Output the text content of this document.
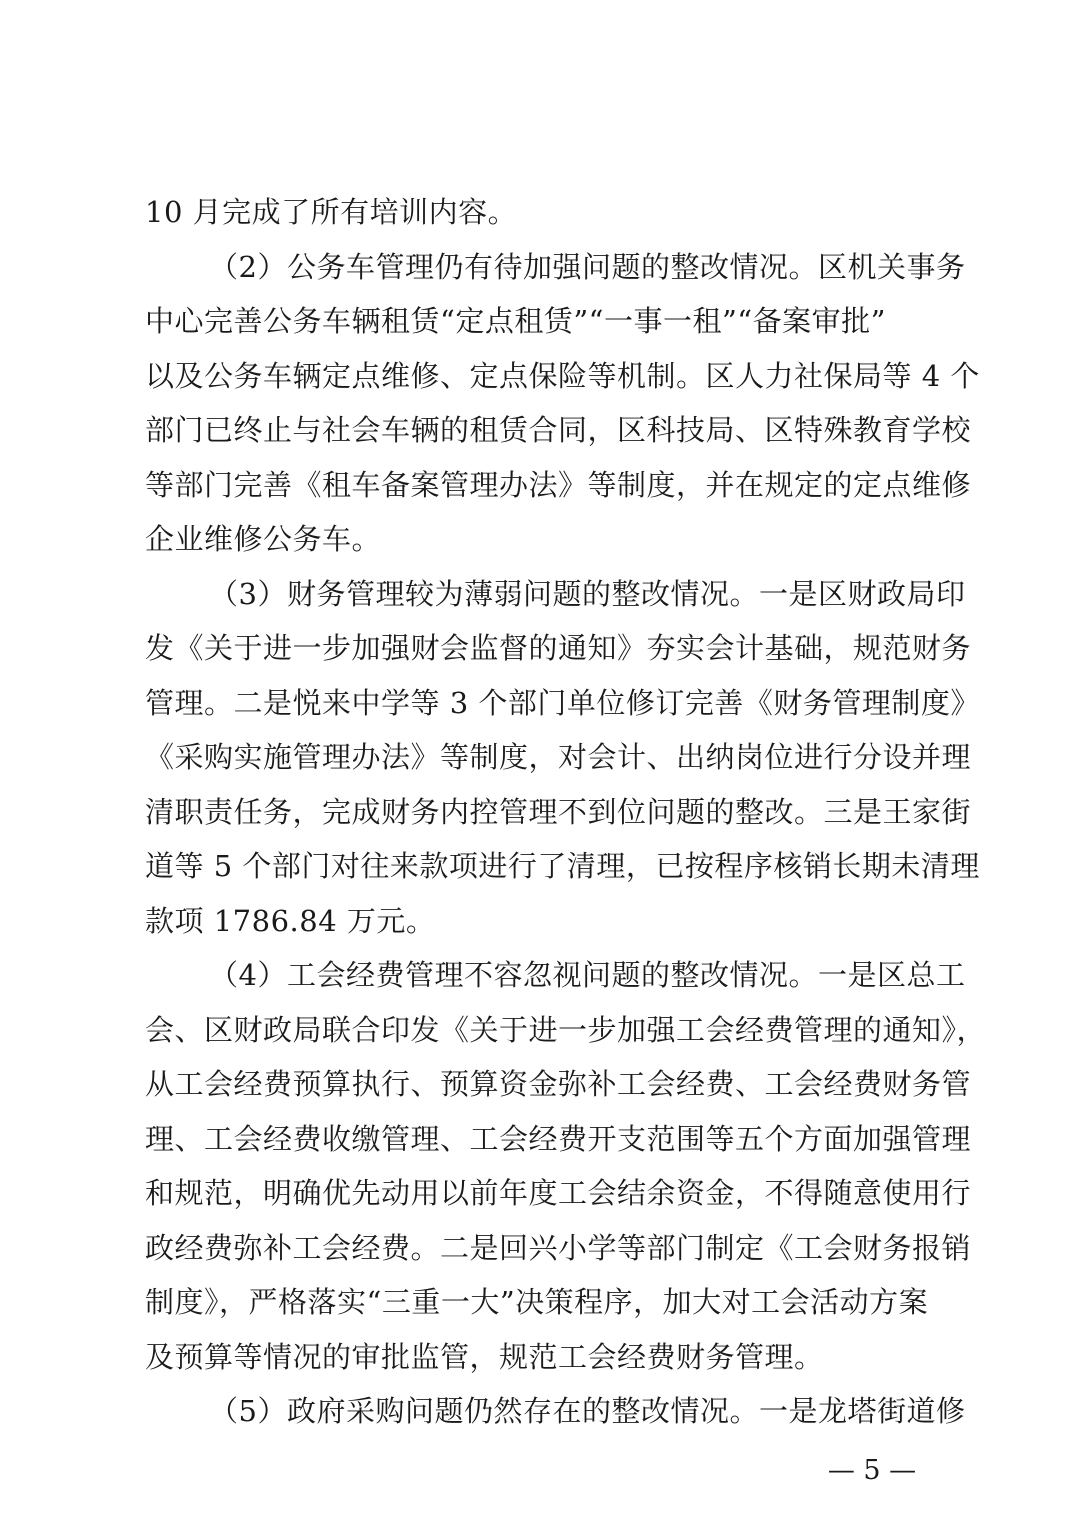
10 月完成了所有培训内容。
（2）公务车管理仍有待加强问题的整改情况。区机关事务
中心完善公务车辆租赁“定点租赁”“一事一租”“备案审批”
以及公务车辆定点维修、定点保险等机制。区人力社保局等 4 个
部门已终止与社会车辆的租赁合同，区科技局、区特殊教育学校
等部门完善《租车备案管理办法》等制度，并在规定的定点维修
企业维修公务车。
（3）财务管理较为薄弱问题的整改情况。一是区财政局印
发《关于进一步加强财会监督的通知》夯实会计基础，规范财务
管理。二是悦来中学等 3 个部门单位修订完善《财务管理制度》
《采购实施管理办法》等制度，对会计、出纳岗位进行分设并理
清职责任务，完成财务内控管理不到位问题的整改。三是王家街
道等 5 个部门对往来款项进行了清理，已按程序核销长期未清理
款项 1786.84 万元。
（4）工会经费管理不容忽视问题的整改情况。一是区总工
会、区财政局联合印发《关于进一步加强工会经费管理的通知》，
从工会经费预算执行、预算资金弥补工会经费、工会经费财务管
理、工会经费收缴管理、工会经费开支范围等五个方面加强管理
和规范，明确优先动用以前年度工会结余资金，不得随意使用行
政经费弥补工会经费。二是回兴小学等部门制定《工会财务报销
制度》，严格落实“三重一大”决策程序，加大对工会活动方案
及预算等情况的审批监管，规范工会经费财务管理。
（5）政府采购问题仍然存在的整改情况。一是龙塔街道修
— 5 —
